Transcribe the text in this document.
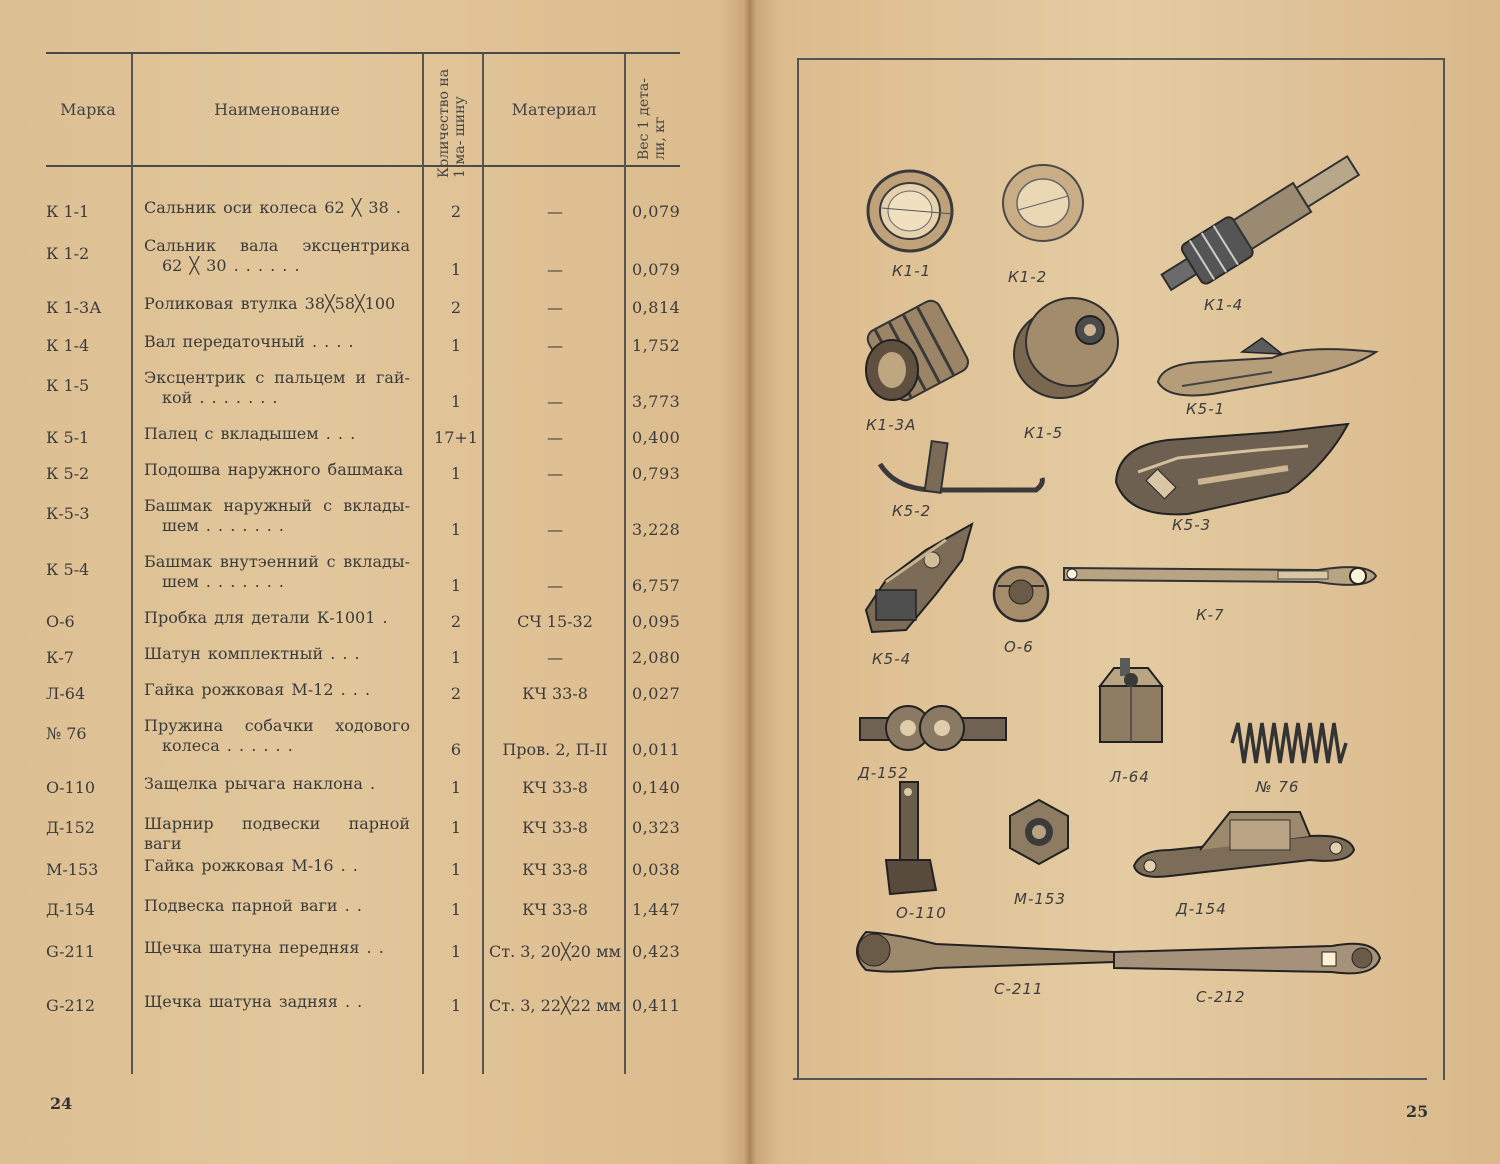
Марка	Наименование	Количество на 1 ма- шину	Материал	Вес 1 дета- ли, кг
К 1-1	Сальник оси колеса 62 ╳ 38 .	2	—	0,079
К 1-2	Сальник вала эксцентрика
62 ╳ 30 . . . . . .	1	—	0,079
К 1-3А	Роликовая втулка 38╳58╳100	2	—	0,814
К 1-4	Вал передаточный . . . .	1	—	1,752
К 1-5	Эксцентрик с пальцем и гай-
кой . . . . . . .	1	—	3,773
К 5-1	Палец с вкладышем . . .	17+1	—	0,400
К 5-2	Подошва наружного башмака	1	—	0,793
К-5-3	Башмак наружный с вклады-
шем . . . . . . .	1	—	3,228
К 5-4	Башмак внутэенний с вклады-
шем . . . . . . .	1	—	6,757
О-6	Пробка для детали К-1001 .	2	СЧ 15-32	0,095
К-7	Шатун комплектный . . .	1	—	2,080
Л-64	Гайка рожковая М-12 . . .	2	КЧ 33-8	0,027
№ 76	Пружина собачки ходового
колеса . . . . . .	6	Пров. 2, П-II	0,011
О-110	Защелка рычага наклона .	1	КЧ 33-8	0,140
Д-152	Шарнир подвески парной ваги
1	КЧ 33-8	0,323
М-153	Гайка рожковая М-16 . .	1	КЧ 33-8	0,038
Д-154	Подвеска парной ваги . .	1	КЧ 33-8	1,447
G-211	Щечка шатуна передняя . .	1	Ст. 3, 20╳20 мм 0,423
G-212	Щечка шатуна задняя . .	1	Ст. 3, 22╳22 мм 0,411
24
К1-1	К1-2
К1-4
К1-3А	К1-5
К5-1
К5-2
К5-3
К5-4
О-6
К-7
Д-152	Л-64
№ 76
О-110
М-153
Д-154
С-211	С-212
25
